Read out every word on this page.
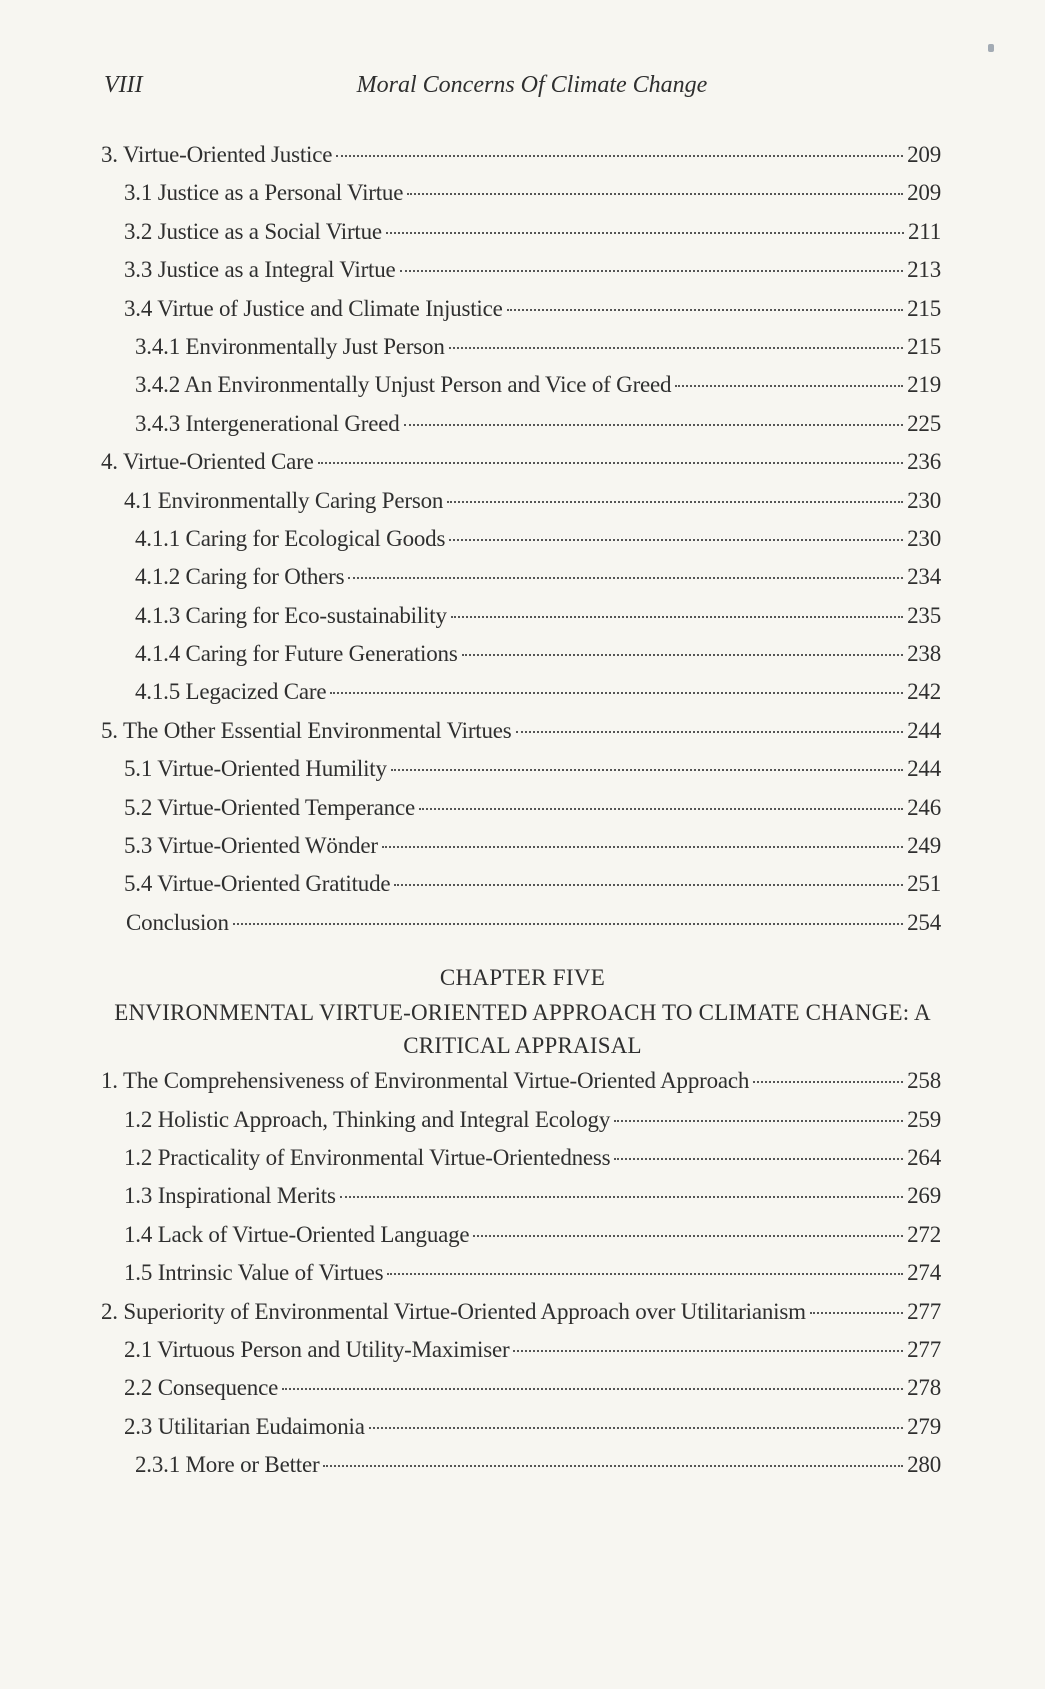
VIII	Moral Concerns Of Climate Change
3. Virtue-Oriented Justice	209
3.1 Justice as a Personal Virtue	209
3.2 Justice as a Social Virtue	211
3.3 Justice as a Integral Virtue	213
3.4 Virtue of Justice and Climate Injustice	215
3.4.1 Environmentally Just Person	215
3.4.2 An Environmentally Unjust Person and Vice of Greed	219
3.4.3 Intergenerational Greed	225
4. Virtue-Oriented Care	236
4.1 Environmentally Caring Person	230
4.1.1 Caring for Ecological Goods	230
4.1.2 Caring for Others	234
4.1.3 Caring for Eco-sustainability	235
4.1.4 Caring for Future Generations	238
4.1.5 Legacized Care	242
5. The Other Essential Environmental Virtues	244
5.1 Virtue-Oriented Humility	244
5.2 Virtue-Oriented Temperance	246
5.3 Virtue-Oriented Wönder	249
5.4 Virtue-Oriented Gratitude	251
Conclusion	254
CHAPTER FIVE
ENVIRONMENTAL VIRTUE-ORIENTED APPROACH TO CLIMATE CHANGE: A CRITICAL APPRAISAL
1. The Comprehensiveness of Environmental Virtue-Oriented Approach	258
1.2 Holistic Approach, Thinking and Integral Ecology	259
1.2 Practicality of Environmental Virtue-Orientedness	264
1.3 Inspirational Merits	269
1.4 Lack of Virtue-Oriented Language	272
1.5 Intrinsic Value of Virtues	274
2. Superiority of Environmental Virtue-Oriented Approach over Utilitarianism	277
2.1 Virtuous Person and Utility-Maximiser	277
2.2 Consequence	278
2.3 Utilitarian Eudaimonia	279
2.3.1 More or Better	280
